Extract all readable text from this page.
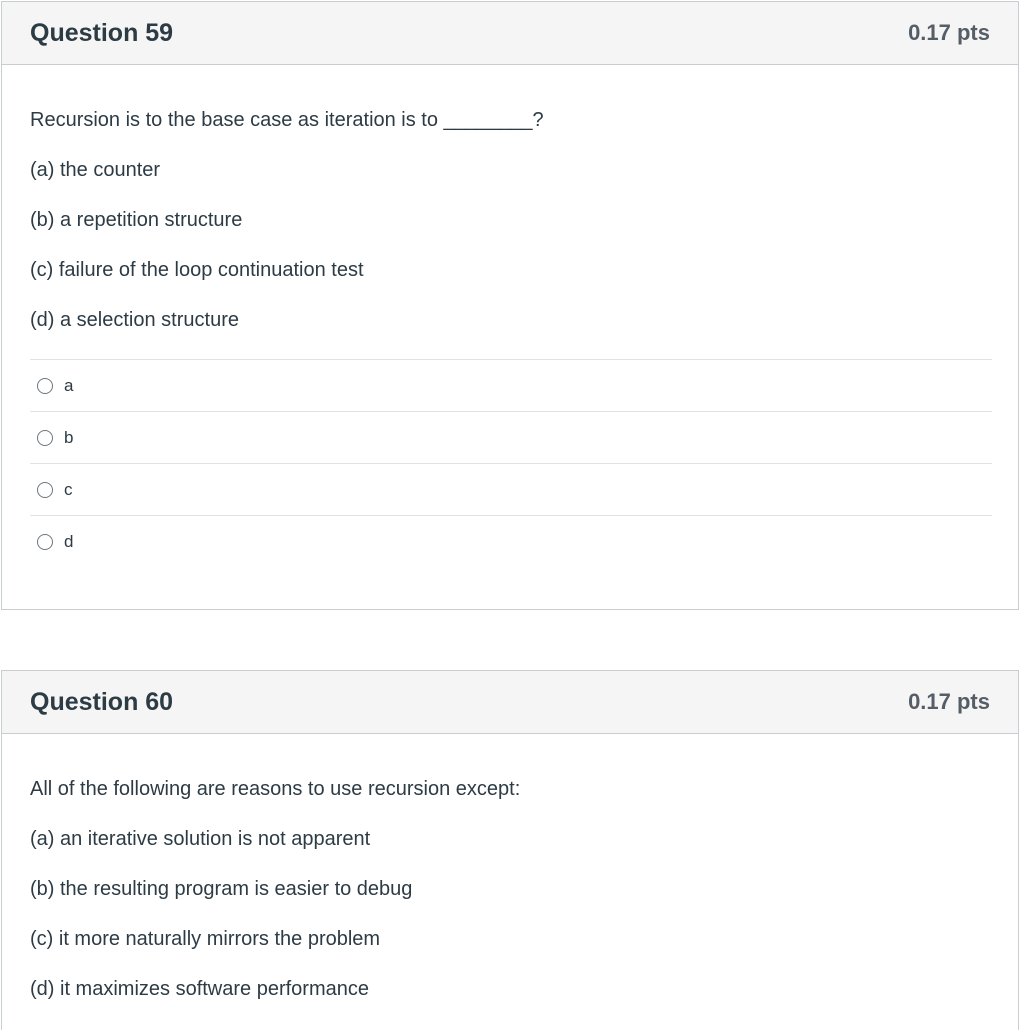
Question 59	0.17 pts

Recursion is to the base case as iteration is to ________?

(a) the counter

(b) a repetition structure

(c) failure of the loop continuation test

(d) a selection structure

a
b
c
d
Question 60	0.17 pts

All of the following are reasons to use recursion except:

(a) an iterative solution is not apparent

(b) the resulting program is easier to debug

(c) it more naturally mirrors the problem

(d) it maximizes software performance
